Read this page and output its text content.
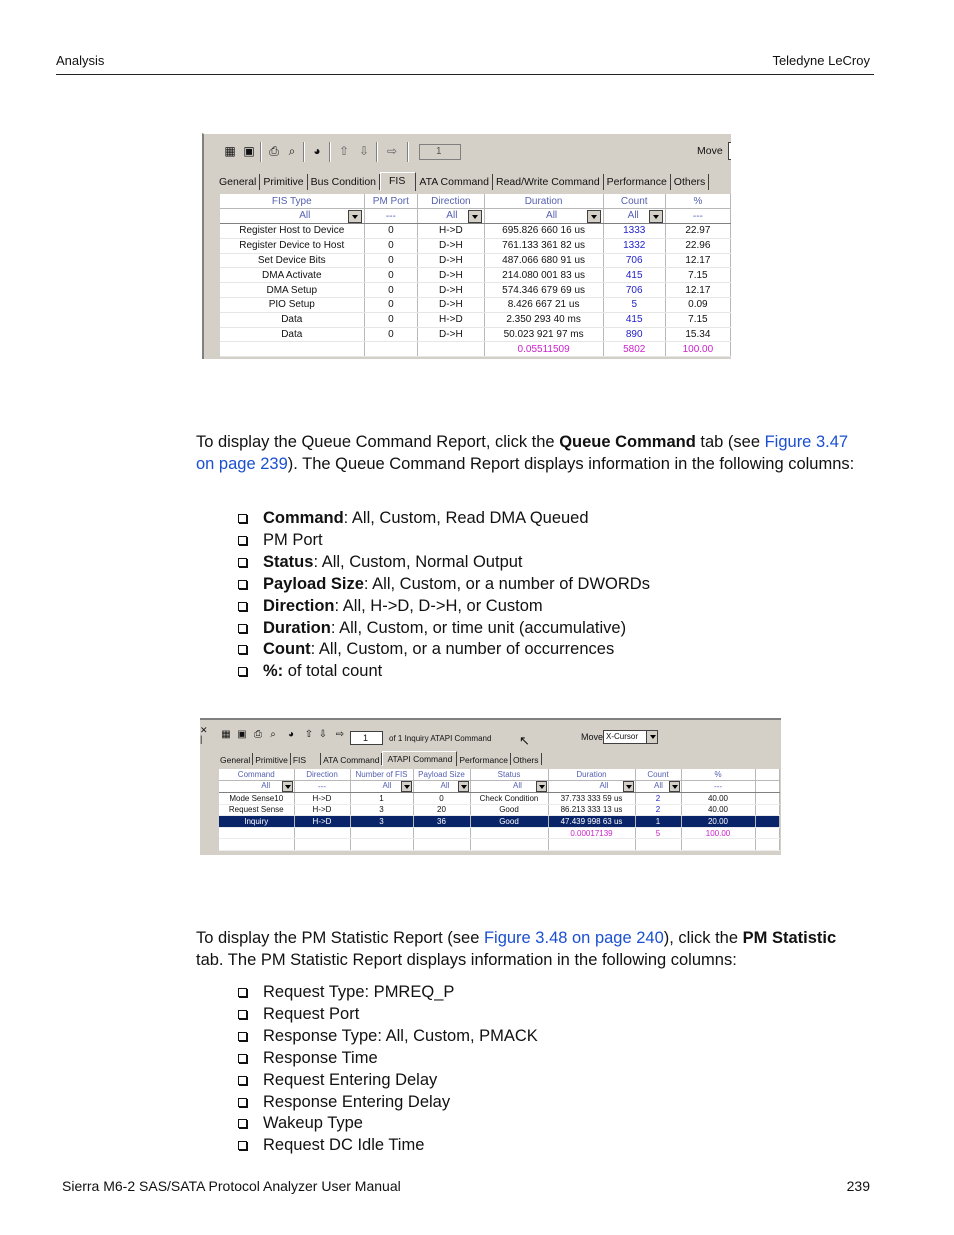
Analysis	Teledyne LeCroy
▦ ▣ ⎙ ⌕	◕	⇧ ⇩ ⇨	1	Move
General Primitive Bus Condition	FIS	ATA Command Read/Write Command Performance Others
FIS Type	PM Port	Direction	Duration	Count	%
All	---	All	All	All	---
Register Host to Device	0	H->D	695.826 660 16 us	1333	22.97
Register Device to Host	0	D->H	761.133 361 82 us	1332	22.96
Set Device Bits	0	D->H	487.066 680 91 us	706	12.17
DMA Activate	0	D->H	214.080 001 83 us	415	7.15
DMA Setup	0	D->H	574.346 679 69 us	706	12.17
PIO Setup	0	D->H	8.426 667 21 us	5	0.09
Data	0	H->D	2.350 293 40 ms	415	7.15
Data	0	D->H	50.023 921 97 ms	890	15.34
			0.05511509	5802	100.00
To display the Queue Command Report, click the Queue Command tab (see Figure 3.47 on page 239). The Queue Command Report displays information in the following columns:
Command: All, Custom, Read DMA Queued
PM Port
Status: All, Custom, Normal Output
Payload Size: All, Custom, or a number of DWORDs
Direction: All, H->D, D->H, or Custom
Duration: All, Custom, or time unit (accumulative)
Count: All, Custom, or a number of occurrences
%: of total count
✕
|	▦ ▣ ⎙ ⌕	◕ ⇧ ⇩ ⇨	1	of 1 Inquiry ATAPI Command ↖	Move X-Cursor
General Primitive FIS	ATA Command ATAPI Command Performance Others
Command	Direction	Number of FIS	Payload Size	Status	Duration	Count	%	
All	---	All	All	All	All	All	---	
Mode Sense10	H->D	1	0	Check Condition	37.733 333 59 us	2	40.00	
Request Sense	H->D	3	20	Good	86.213 333 13 us	2	40.00	
Inquiry	H->D	3	36	Good	47.439 998 63 us	1	20.00	
					0.00017139	5	100.00	

To display the PM Statistic Report (see Figure 3.48 on page 240), click the PM Statistic tab. The PM Statistic Report displays information in the following columns:
Request Type: PMREQ_P
Request Port
Response Type: All, Custom, PMACK
Response Time
Request Entering Delay
Response Entering Delay
Wakeup Type
Request DC Idle Time
Sierra M6-2 SAS/SATA Protocol Analyzer User Manual	239
